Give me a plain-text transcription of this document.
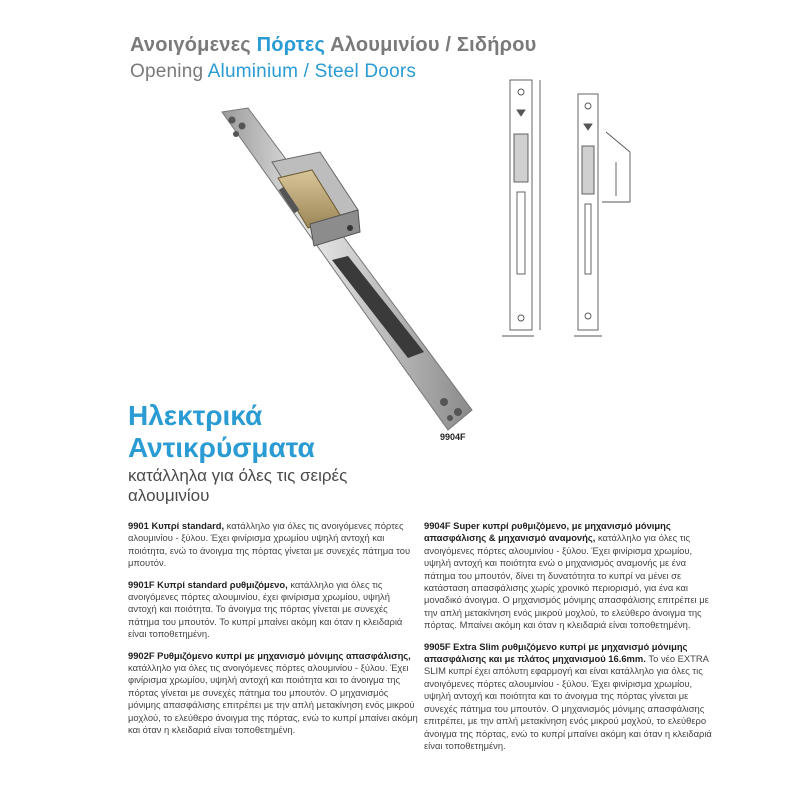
Ανοιγόμενες Πόρτες Αλουμινίου / Σιδήρου
Opening Aluminium / Steel Doors
9904F
Ηλεκτρικά
Αντικρύσματα
κατάλληλα για όλες τις σειρές αλουμινίου
9901 Κυπρί standard, κατάλληλο για όλες τις ανοιγόμενες πόρτες αλουμινίου - ξύλου. Έχει φινίρισμα χρωμίου υψηλή αντοχή και ποιότητα, ενώ το άνοιγμα της πόρτας γίνεται με συνεχές πάτημα του μπουτόν.
9901F Κυπρί standard ρυθμιζόμενο, κατάλληλο για όλες τις ανοιγόμενες πόρτες αλουμινίου, έχει φινίρισμα χρωμίου, υψηλή αντοχή και ποιότητα. Το άνοιγμα της πόρτας γίνεται με συνεχές πάτημα του μπουτόν. Το κυπρί μπαίνει ακόμη και όταν η κλειδαριά είναι τοποθετημένη.
9902F Ρυθμιζόμενο κυπρί με μηχανισμό μόνιμης απασφάλισης, κατάλληλο για όλες τις ανοιγόμενες πόρτες αλουμινίου - ξύλου. Έχει φινίρισμα χρωμίου, υψηλή αντοχή και ποιότητα και το άνοιγμα της πόρτας γίνεται με συνεχές πάτημα του μπουτόν. Ο μηχανισμός μόνιμης απασφάλισης επιτρέπει με την απλή μετακίνηση ενός μικρού μοχλού, το ελεύθερο άνοιγμα της πόρτας, ενώ το κυπρί μπαίνει ακόμη και όταν η κλειδαριά είναι τοποθετημένη.
9904F Super κυπρί ρυθμιζόμενο, με μηχανισμό μόνιμης απασφάλισης & μηχανισμό αναμονής, κατάλληλο για όλες τις ανοιγόμενες πόρτες αλουμινίου - ξύλου. Έχει φινίρισμα χρωμίου, υψηλή αντοχή και ποιότητα ενώ ο μηχανισμός αναμονής με ένα πάτημα του μπουτόν, δίνει τη δυνατότητα το κυπρί να μένει σε κατάσταση απασφάλισης χωρίς χρονικό περιορισμό, για ένα και μοναδικό άνοιγμα. Ο μηχανισμός μόνιμης απασφάλισης επιτρέπει με την απλή μετακίνηση ενός μικρού μοχλού, το ελεύθερο άνοιγμα της πόρτας. Μπαίνει ακόμη και όταν η κλειδαριά είναι τοποθετημένη.
9905F Extra Slim ρυθμιζόμενο κυπρί με μηχανισμό μόνιμης απασφάλισης και με πλάτος μηχανισμού 16.6mm. Το νέο EXTRA SLIM κυπρί έχει απόλυτη εφαρμογή και είναι κατάλληλο για όλες τις ανοιγόμενες πόρτες αλουμινίου - ξύλου. Έχει φινίρισμα χρωμίου, υψηλή αντοχή και ποιότητα και το άνοιγμα της πόρτας γίνεται με συνεχές πάτημα του μπουτόν. Ο μηχανισμός μόνιμης απασφάλισης επιτρέπει, με την απλή μετακίνηση ενός μικρού μοχλού, το ελεύθερο άνοιγμα της πόρτας, ενώ το κυπρί μπαίνει ακόμη και όταν η κλειδαριά είναι τοποθετημένη.
